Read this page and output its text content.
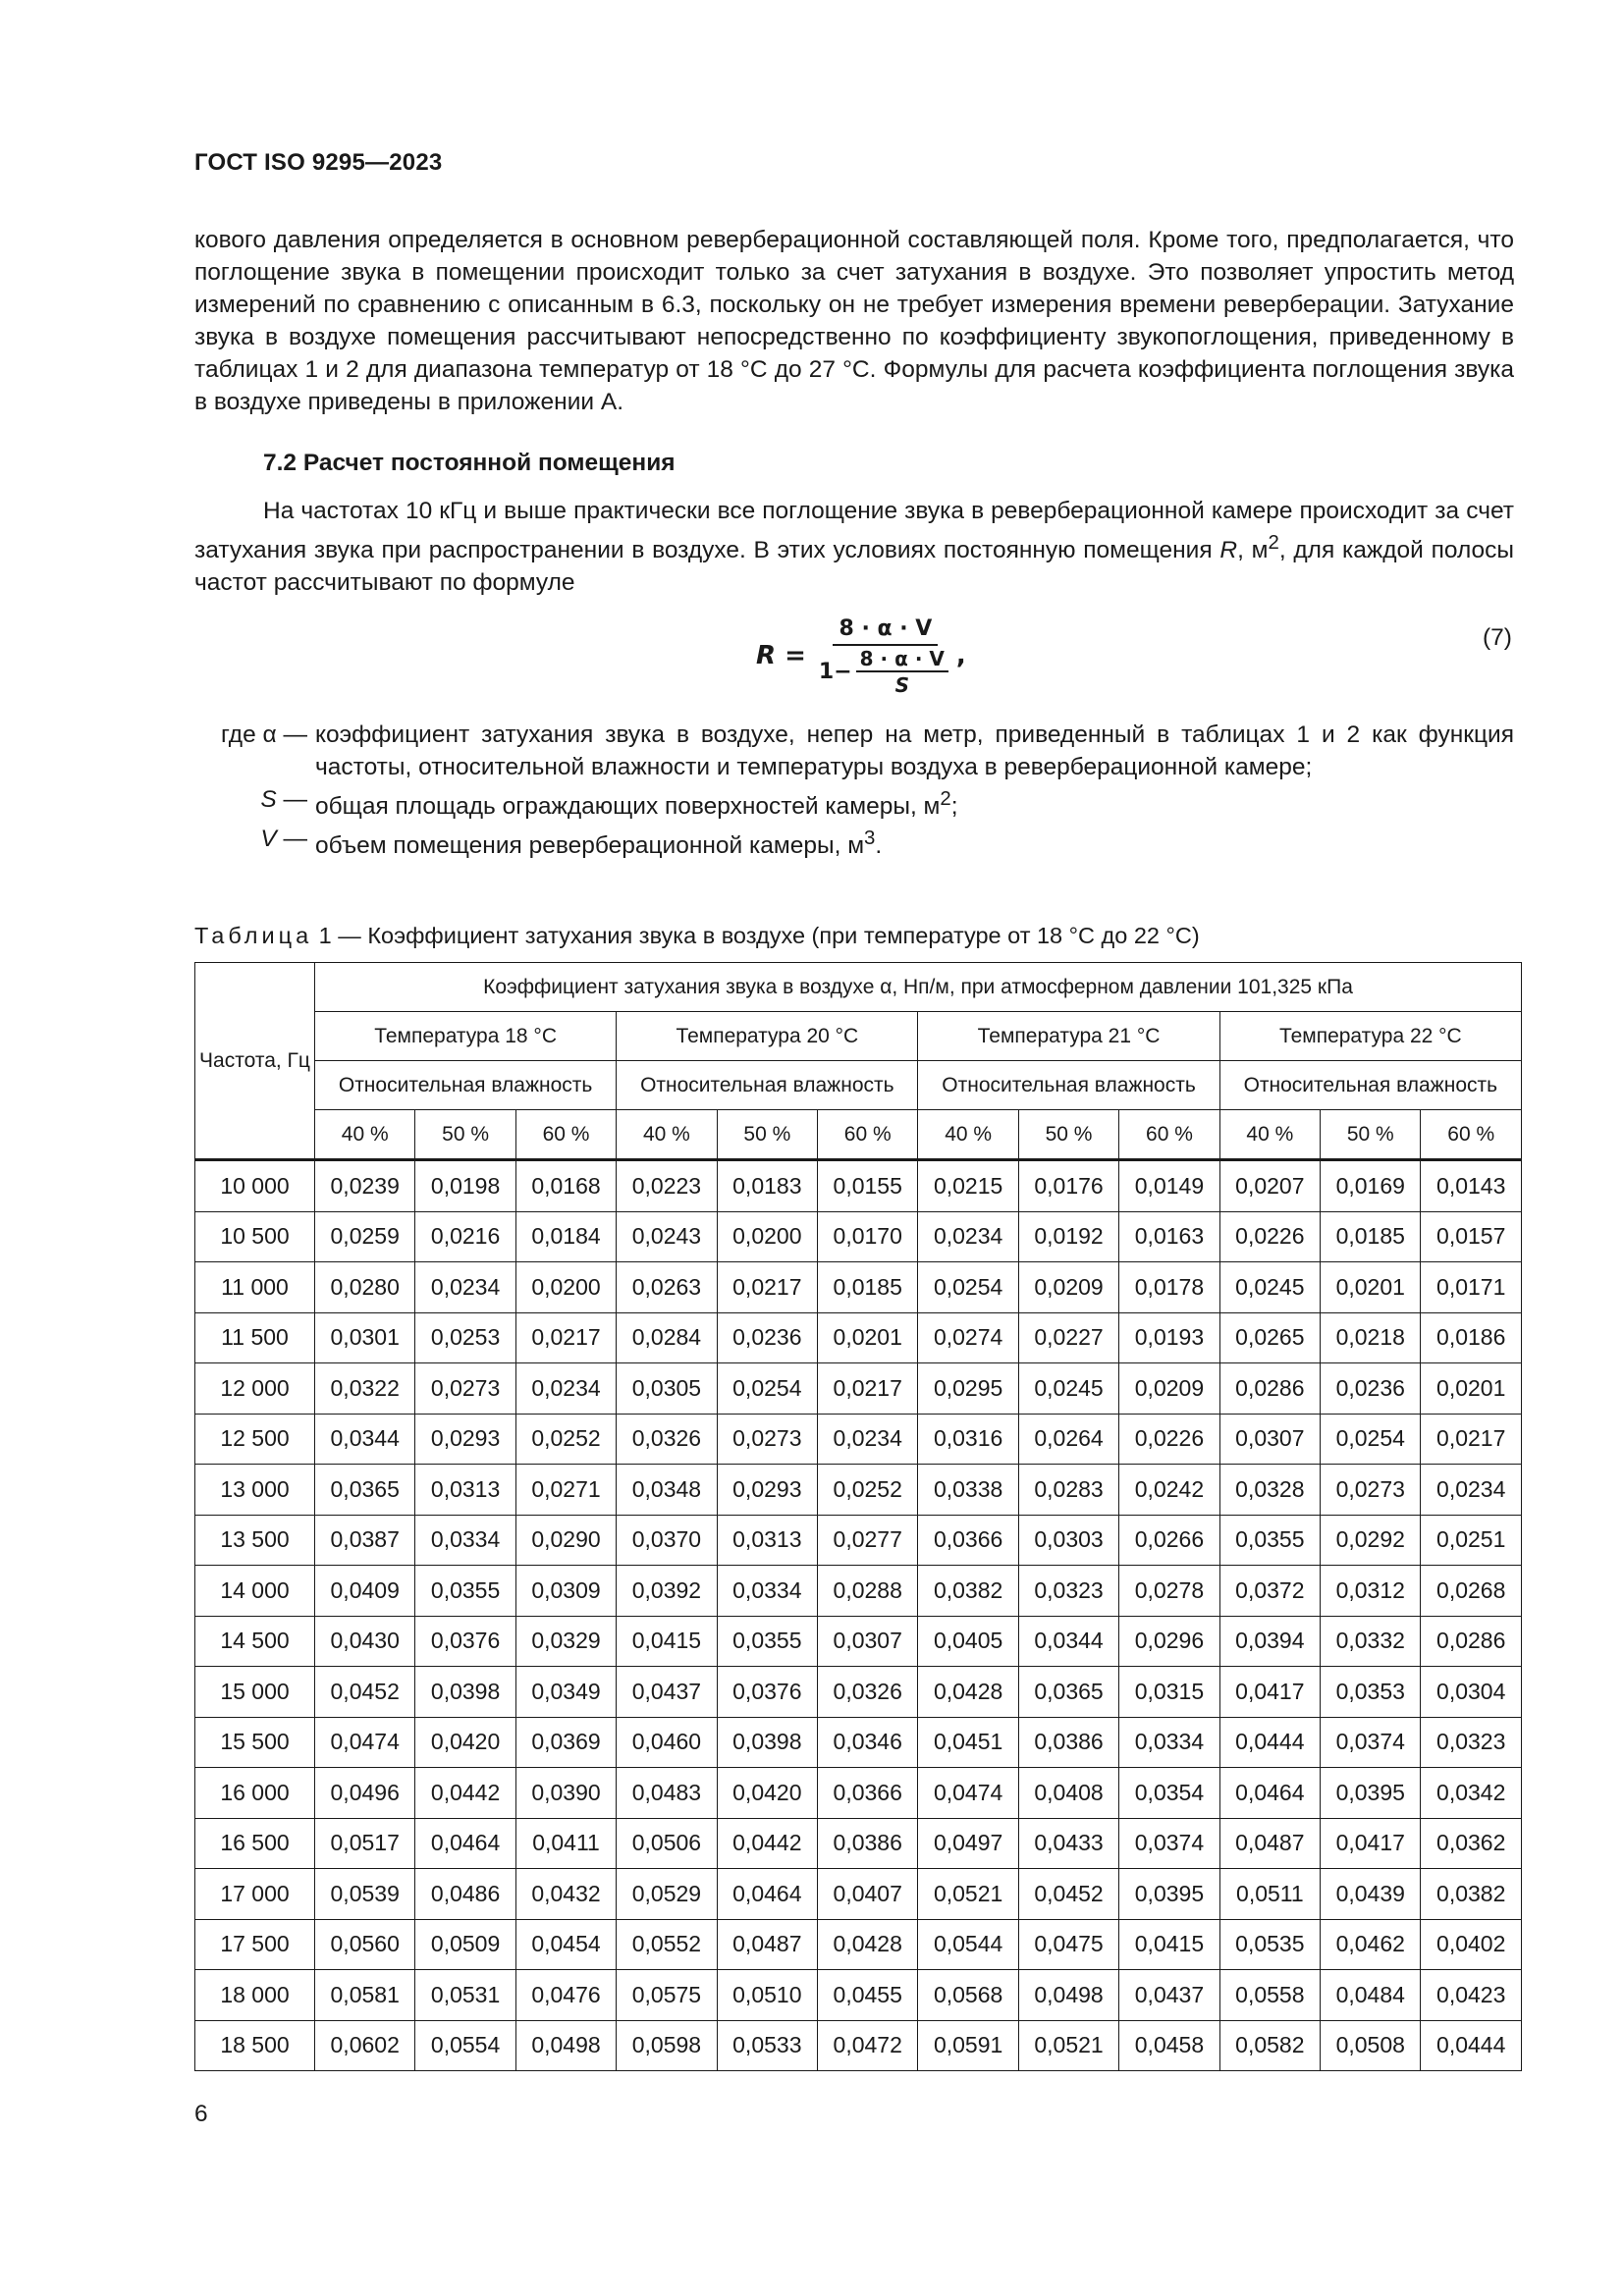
ГОСТ ISO 9295—2023

кового давления определяется в основном реверберационной составляющей поля. Кроме того, предполагается, что поглощение звука в помещении происходит только за счет затухания в воздухе. Это позволяет упростить метод измерений по сравнению с описанным в 6.3, поскольку он не требует измерения времени реверберации. Затухание звука в воздухе помещения рассчитывают непосредственно по коэффициенту звукопоглощения, приведенному в таблицах 1 и 2 для диапазона температур от 18 °С до 27 °С. Формулы для расчета коэффициента поглощения звука в воздухе приведены в приложении А.

7.2 Расчет постоянной помещения

На частотах 10 кГц и выше практически все поглощение звука в реверберационной камере происходит за счет затухания звука при распространении в воздухе. В этих условиях постоянную помещения R, $м^2$, для каждой полосы частот рассчитывают по формуле

$R = \frac{8 \cdot \alpha \cdot V}{1- \frac{8 \cdot \alpha \cdot V}{S}}$ ,
(7)
где α — коэффициент затухания звука в воздухе, непер на метр, приведенный в таблицах 1 и 2 как функция частоты, относительной влажности и температуры воздуха в реверберационной камере;
S — общая площадь ограждающих поверхностей камеры, $м^2$;
V — объем помещения реверберационной камеры, $м^3$.
Таблица 1 — Коэффициент затухания звука в воздухе (при температуре от 18 °С до 22 °С)
Частота, Гц	Коэффициент затухания звука в воздухе α, Нп/м, при атмосферном давлении 101,325 кПа											
	Температура 18 °С			Температура 20 °С			Температура 21 °С			Температура 22 °С		
	Относительная влажность			Относительная влажность			Относительная влажность			Относительная влажность		
	40 %	50 %	60 %	40 %	50 %	60 %	40 %	50 %	60 %	40 %	50 %	60 %
10 000	0,0239	0,0198	0,0168	0,0223	0,0183	0,0155	0,0215	0,0176	0,0149	0,0207	0,0169	0,0143
10 500	0,0259	0,0216	0,0184	0,0243	0,0200	0,0170	0,0234	0,0192	0,0163	0,0226	0,0185	0,0157
11 000	0,0280	0,0234	0,0200	0,0263	0,0217	0,0185	0,0254	0,0209	0,0178	0,0245	0,0201	0,0171
11 500	0,0301	0,0253	0,0217	0,0284	0,0236	0,0201	0,0274	0,0227	0,0193	0,0265	0,0218	0,0186
12 000	0,0322	0,0273	0,0234	0,0305	0,0254	0,0217	0,0295	0,0245	0,0209	0,0286	0,0236	0,0201
12 500	0,0344	0,0293	0,0252	0,0326	0,0273	0,0234	0,0316	0,0264	0,0226	0,0307	0,0254	0,0217
13 000	0,0365	0,0313	0,0271	0,0348	0,0293	0,0252	0,0338	0,0283	0,0242	0,0328	0,0273	0,0234
13 500	0,0387	0,0334	0,0290	0,0370	0,0313	0,0277	0,0366	0,0303	0,0266	0,0355	0,0292	0,0251
14 000	0,0409	0,0355	0,0309	0,0392	0,0334	0,0288	0,0382	0,0323	0,0278	0,0372	0,0312	0,0268
14 500	0,0430	0,0376	0,0329	0,0415	0,0355	0,0307	0,0405	0,0344	0,0296	0,0394	0,0332	0,0286
15 000	0,0452	0,0398	0,0349	0,0437	0,0376	0,0326	0,0428	0,0365	0,0315	0,0417	0,0353	0,0304
15 500	0,0474	0,0420	0,0369	0,0460	0,0398	0,0346	0,0451	0,0386	0,0334	0,0444	0,0374	0,0323
16 000	0,0496	0,0442	0,0390	0,0483	0,0420	0,0366	0,0474	0,0408	0,0354	0,0464	0,0395	0,0342
16 500	0,0517	0,0464	0,0411	0,0506	0,0442	0,0386	0,0497	0,0433	0,0374	0,0487	0,0417	0,0362
17 000	0,0539	0,0486	0,0432	0,0529	0,0464	0,0407	0,0521	0,0452	0,0395	0,0511	0,0439	0,0382
17 500	0,0560	0,0509	0,0454	0,0552	0,0487	0,0428	0,0544	0,0475	0,0415	0,0535	0,0462	0,0402
18 000	0,0581	0,0531	0,0476	0,0575	0,0510	0,0455	0,0568	0,0498	0,0437	0,0558	0,0484	0,0423
18 500	0,0602	0,0554	0,0498	0,0598	0,0533	0,0472	0,0591	0,0521	0,0458	0,0582	0,0508	0,0444
6
